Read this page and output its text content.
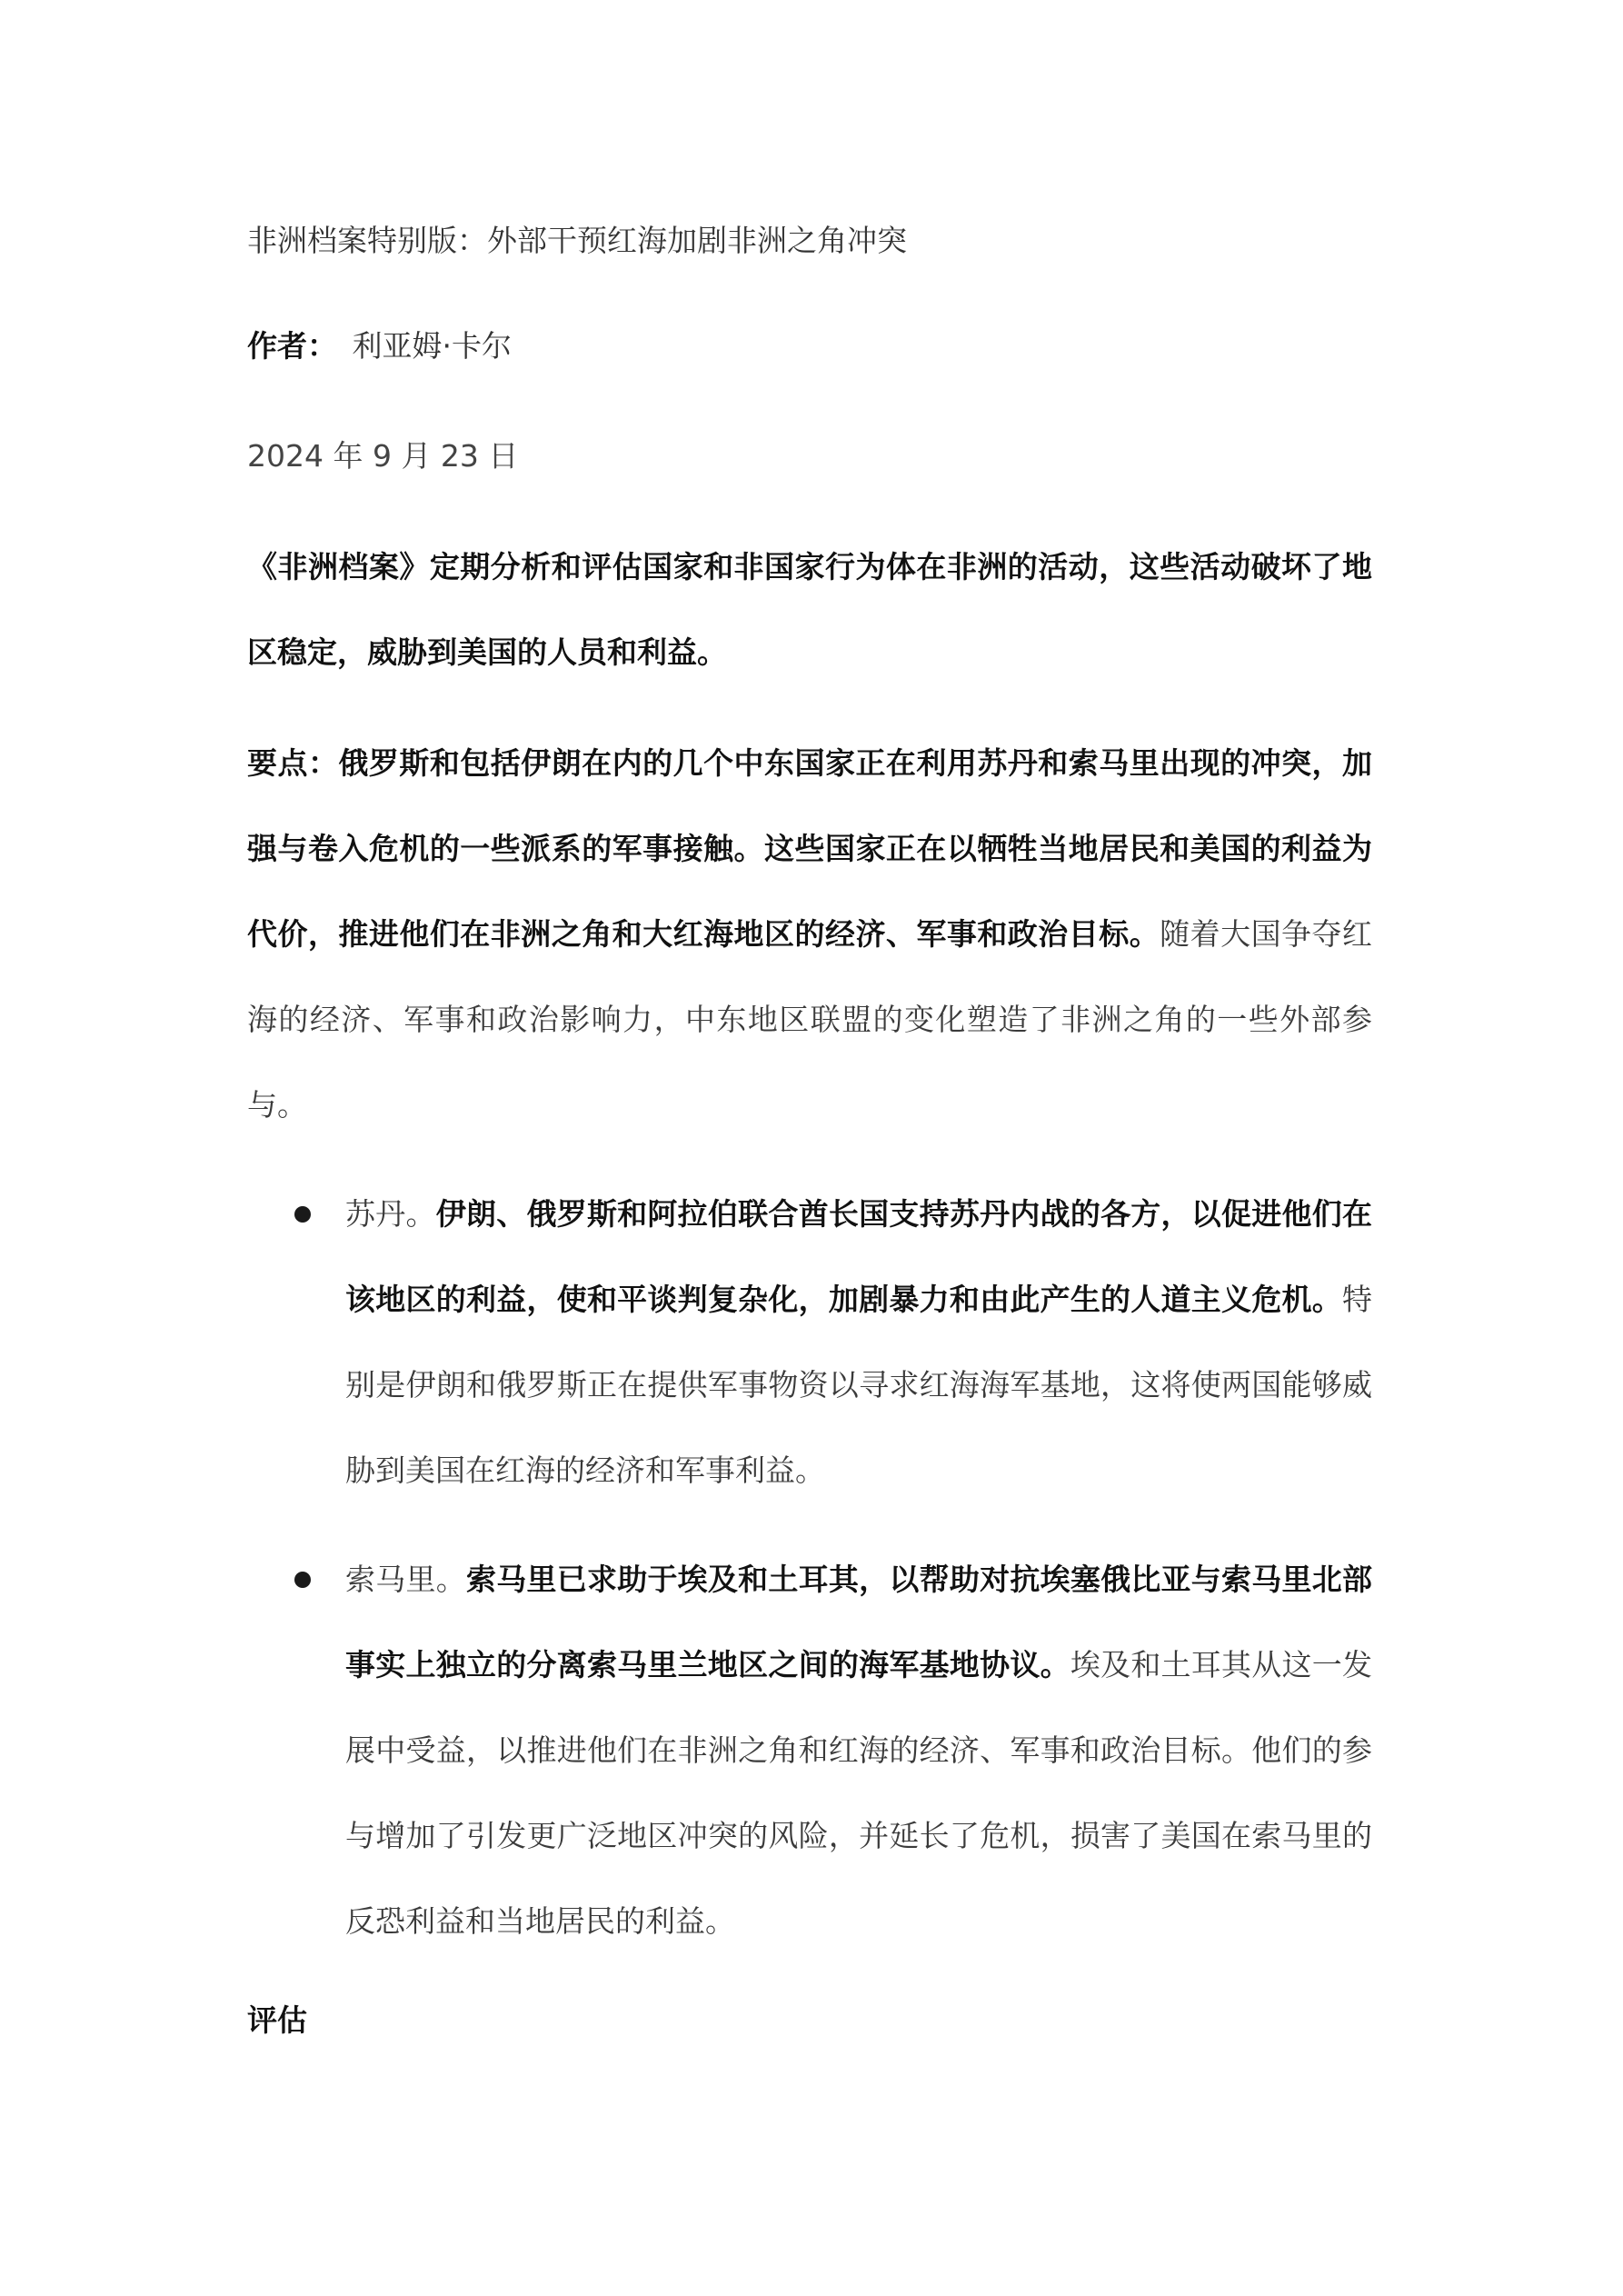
非洲档案特别版：外部干预红海加剧非洲之角冲突
作者： 利亚姆·卡尔
2024 年 9 月 23 日
《非洲档案》定期分析和评估国家和非国家行为体在非洲的活动，这些活动破坏了地区稳定，威胁到美国的人员和利益。
要点：俄罗斯和包括伊朗在内的几个中东国家正在利用苏丹和索马里出现的冲突，加强与卷入危机的一些派系的军事接触。这些国家正在以牺牲当地居民和美国的利益为代价，推进他们在非洲之角和大红海地区的经济、军事和政治目标。随着大国争夺红海的经济、军事和政治影响力，中东地区联盟的变化塑造了非洲之角的一些外部参与。
苏丹。伊朗、俄罗斯和阿拉伯联合酋长国支持苏丹内战的各方，以促进他们在该地区的利益，使和平谈判复杂化，加剧暴力和由此产生的人道主义危机。特别是伊朗和俄罗斯正在提供军事物资以寻求红海海军基地，这将使两国能够威胁到美国在红海的经济和军事利益。
索马里。索马里已求助于埃及和土耳其，以帮助对抗埃塞俄比亚与索马里北部事实上独立的分离索马里兰地区之间的海军基地协议。埃及和土耳其从这一发展中受益，以推进他们在非洲之角和红海的经济、军事和政治目标。他们的参与增加了引发更广泛地区冲突的风险，并延长了危机，损害了美国在索马里的反恐利益和当地居民的利益。
评估
